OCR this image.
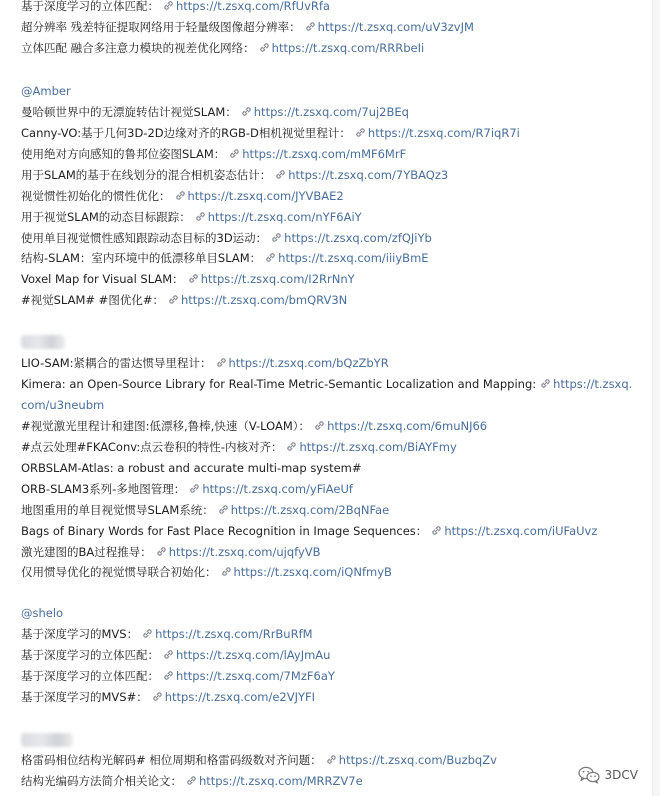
基于深度学习的立体匹配： https://t.zsxq.com/RfUvRfa
超分辨率 残差特征提取网络用于轻量级图像超分辨率： https://t.zsxq.com/uV3zvJM
立体匹配 融合多注意力模块的视差优化网络： https://t.zsxq.com/RRRbeIi
@Amber
曼哈顿世界中的无漂旋转估计视觉SLAM： https://t.zsxq.com/7uj2BEq
Canny-VO:基于几何3D-2D边缘对齐的RGB-D相机视觉里程计： https://t.zsxq.com/R7iqR7i
使用绝对方向感知的鲁邦位姿图SLAM： https://t.zsxq.com/mMF6MrF
用于SLAM的基于在线划分的混合相机姿态估计： https://t.zsxq.com/7YBAQz3
视觉惯性初始化的惯性优化： https://t.zsxq.com/JYVBAE2
用于视觉SLAM的动态目标跟踪： https://t.zsxq.com/nYF6AiY
使用单目视觉惯性感知跟踪动态目标的3D运动： https://t.zsxq.com/zfQJiYb
结构-SLAM：室内环境中的低漂移单目SLAM： https://t.zsxq.com/iiiyBmE
Voxel Map for Visual SLAM： https://t.zsxq.com/I2RrNnY
#视觉SLAM# #图优化#： https://t.zsxq.com/bmQRV3N
LIO-SAM:紧耦合的雷达惯导里程计： https://t.zsxq.com/bQzZbYR
Kimera: an Open-Source Library for Real-Time Metric-Semantic Localization and Mapping: https://t.zsxq.com/u3neubm
#视觉激光里程计和建图:低漂移,鲁棒,快速（V-LOAM）： https://t.zsxq.com/6muNJ66
#点云处理#FKAConv:点云卷积的特性-内核对齐： https://t.zsxq.com/BiAYFmy
ORBSLAM-Atlas: a robust and accurate multi-map system#
ORB-SLAM3系列-多地图管理： https://t.zsxq.com/yFiAeUf
地图重用的单目视觉惯导SLAM系统： https://t.zsxq.com/2BqNFae
Bags of Binary Words for Fast Place Recognition in Image Sequences： https://t.zsxq.com/iUFaUvz
激光建图的BA过程推导： https://t.zsxq.com/ujqfyVB
仅用惯导优化的视觉惯导联合初始化： https://t.zsxq.com/iQNfmyB
@shelo
基于深度学习的MVS： https://t.zsxq.com/RrBuRfM
基于深度学习的立体匹配： https://t.zsxq.com/lAyJmAu
基于深度学习的立体匹配： https://t.zsxq.com/7MzF6aY
基于深度学习的MVS#： https://t.zsxq.com/e2VJYFI
格雷码相位结构光解码# 相位周期和格雷码级数对齐问题： https://t.zsxq.com/BuzbqZv
结构光编码方法简介相关论文： https://t.zsxq.com/MRRZV7e	3DCV
